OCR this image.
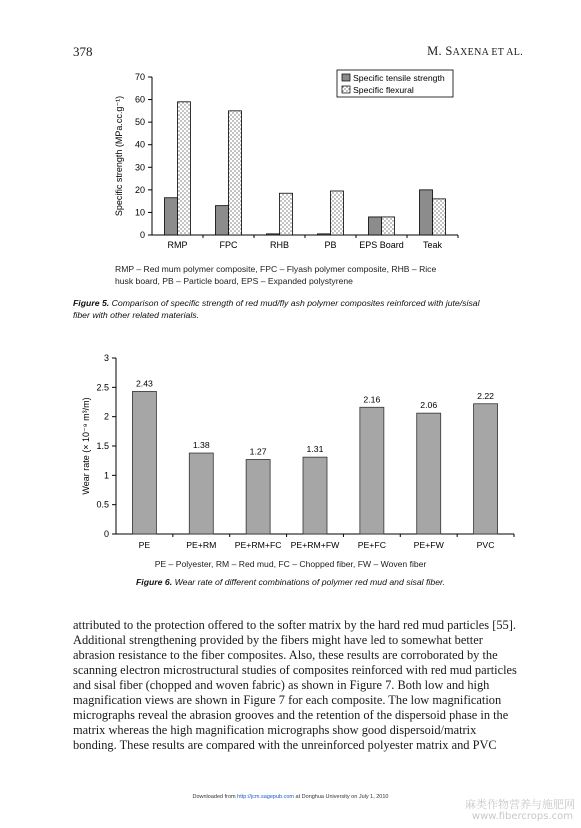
378	M. SAXENA ET AL.
0
10
20
30
40
50
60
70
Specific strength (MPa.cc.g⁻¹)
RMP	FPC	RHB	PB	EPS Board Teak
Specific tensile strength
Specific flexural
RMP – Red mum polymer composite, FPC – Flyash polymer composite, RHB – Rice
husk board, PB – Particle board, EPS – Expanded polystyrene
Figure 5. Comparison of specific strength of red mud/fly ash polymer composites reinforced with jute/sisal
fiber with other related materials.
0
0.5
1
1.5
2
2.5
3
Wear rate (× 10⁻⁹ m³/m)
PE
2.43
PE+RM
1.38
PE+RM+FC
1.27
PE+RM+FW
1.31
PE+FC
2.16
PE+FW
2.06
PVC
2.22
PE – Polyester, RM – Red mud, FC – Chopped fiber, FW – Woven fiber
Figure 6. Wear rate of different combinations of polymer red mud and sisal fiber.
attributed to the protection offered to the softer matrix by the hard red mud particles [55].
Additional strengthening provided by the fibers might have led to somewhat better
abrasion resistance to the fiber composites. Also, these results are corroborated by the
scanning electron microstructural studies of composites reinforced with red mud particles
and sisal fiber (chopped and woven fabric) as shown in Figure 7. Both low and high
magnification views are shown in Figure 7 for each composite. The low magnification
micrographs reveal the abrasion grooves and the retention of the dispersoid phase in the
matrix whereas the high magnification micrographs show good dispersoid/matrix
bonding. These results are compared with the unreinforced polyester matrix and PVC
Downloaded from http://jcm.sagepub.com at Donghua University on July 1, 2010
麻类作物营养与施肥网
www.fibercrops.com
